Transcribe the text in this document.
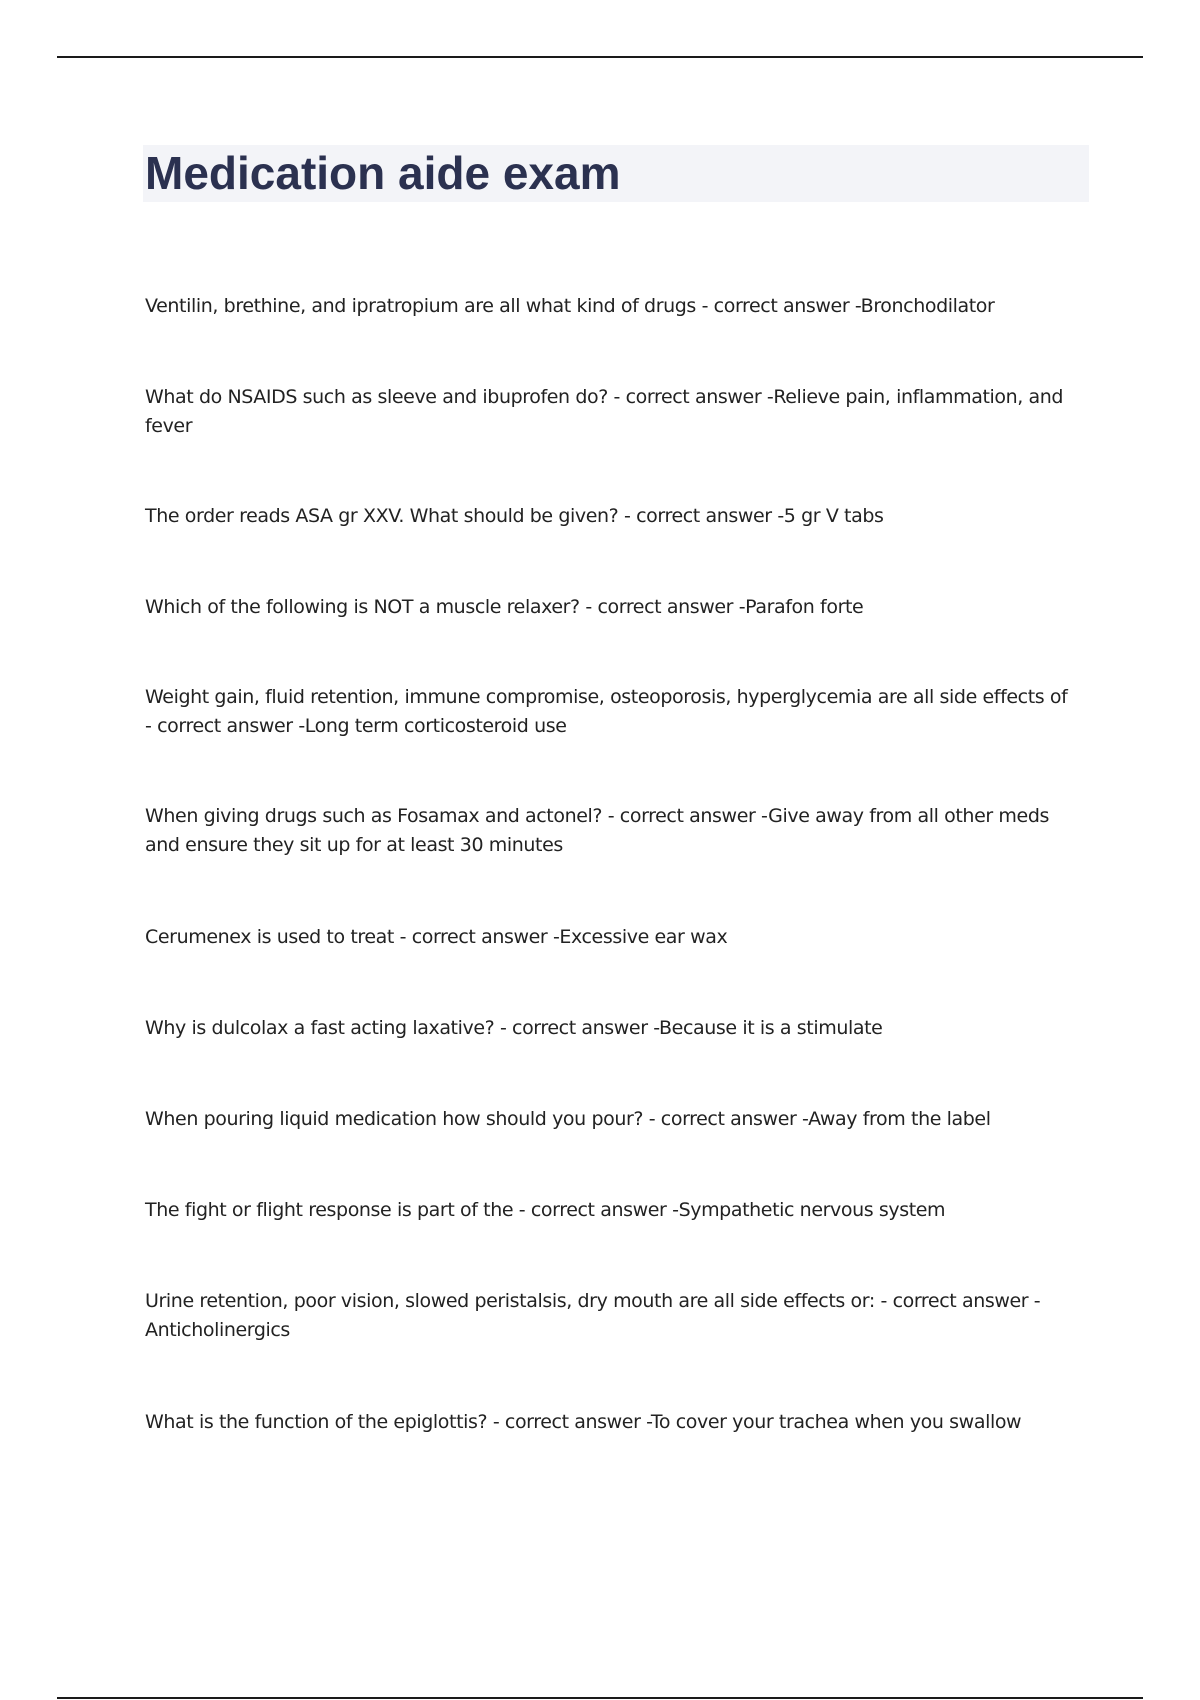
Medication aide exam

Ventilin, brethine, and ipratropium are all what kind of drugs - correct answer -Bronchodilator

What do NSAIDS such as sleeve and ibuprofen do? - correct answer -Relieve pain, inflammation, and fever

The order reads ASA gr XXV. What should be given? - correct answer -5 gr V tabs

Which of the following is NOT a muscle relaxer? - correct answer -Parafon forte

Weight gain, fluid retention, immune compromise, osteoporosis, hyperglycemia are all side effects of - correct answer -Long term corticosteroid use

When giving drugs such as Fosamax and actonel? - correct answer -Give away from all other meds and ensure they sit up for at least 30 minutes

Cerumenex is used to treat - correct answer -Excessive ear wax

Why is dulcolax a fast acting laxative? - correct answer -Because it is a stimulate

When pouring liquid medication how should you pour? - correct answer -Away from the label

The fight or flight response is part of the - correct answer -Sympathetic nervous system

Urine retention, poor vision, slowed peristalsis, dry mouth are all side effects or: - correct answer -Anticholinergics

What is the function of the epiglottis? - correct answer -To cover your trachea when you swallow
